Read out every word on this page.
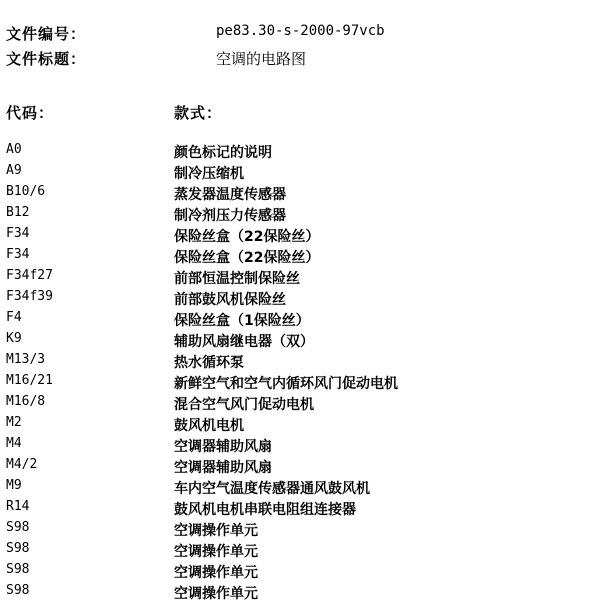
文件编号：	pe83.30-s-2000-97vcb
文件标题：	空调的电路图
代码：	款式：
A0	颜色标记的说明
A9	制冷压缩机
B10/6	蒸发器温度传感器
B12	制冷剂压力传感器
F34	保险丝盒（22保险丝）
F34	保险丝盒（22保险丝）
F34f27	前部恒温控制保险丝
F34f39	前部鼓风机保险丝
F4	保险丝盒（1保险丝）
K9	辅助风扇继电器（双）
M13/3	热水循环泵
M16/21	新鲜空气和空气内循环风门促动电机
M16/8	混合空气风门促动电机
M2	鼓风机电机
M4	空调器辅助风扇
M4/2	空调器辅助风扇
M9	车内空气温度传感器通风鼓风机
R14	鼓风机电机串联电阻组连接器
S98	空调操作单元
S98	空调操作单元
S98	空调操作单元
S98	空调操作单元
